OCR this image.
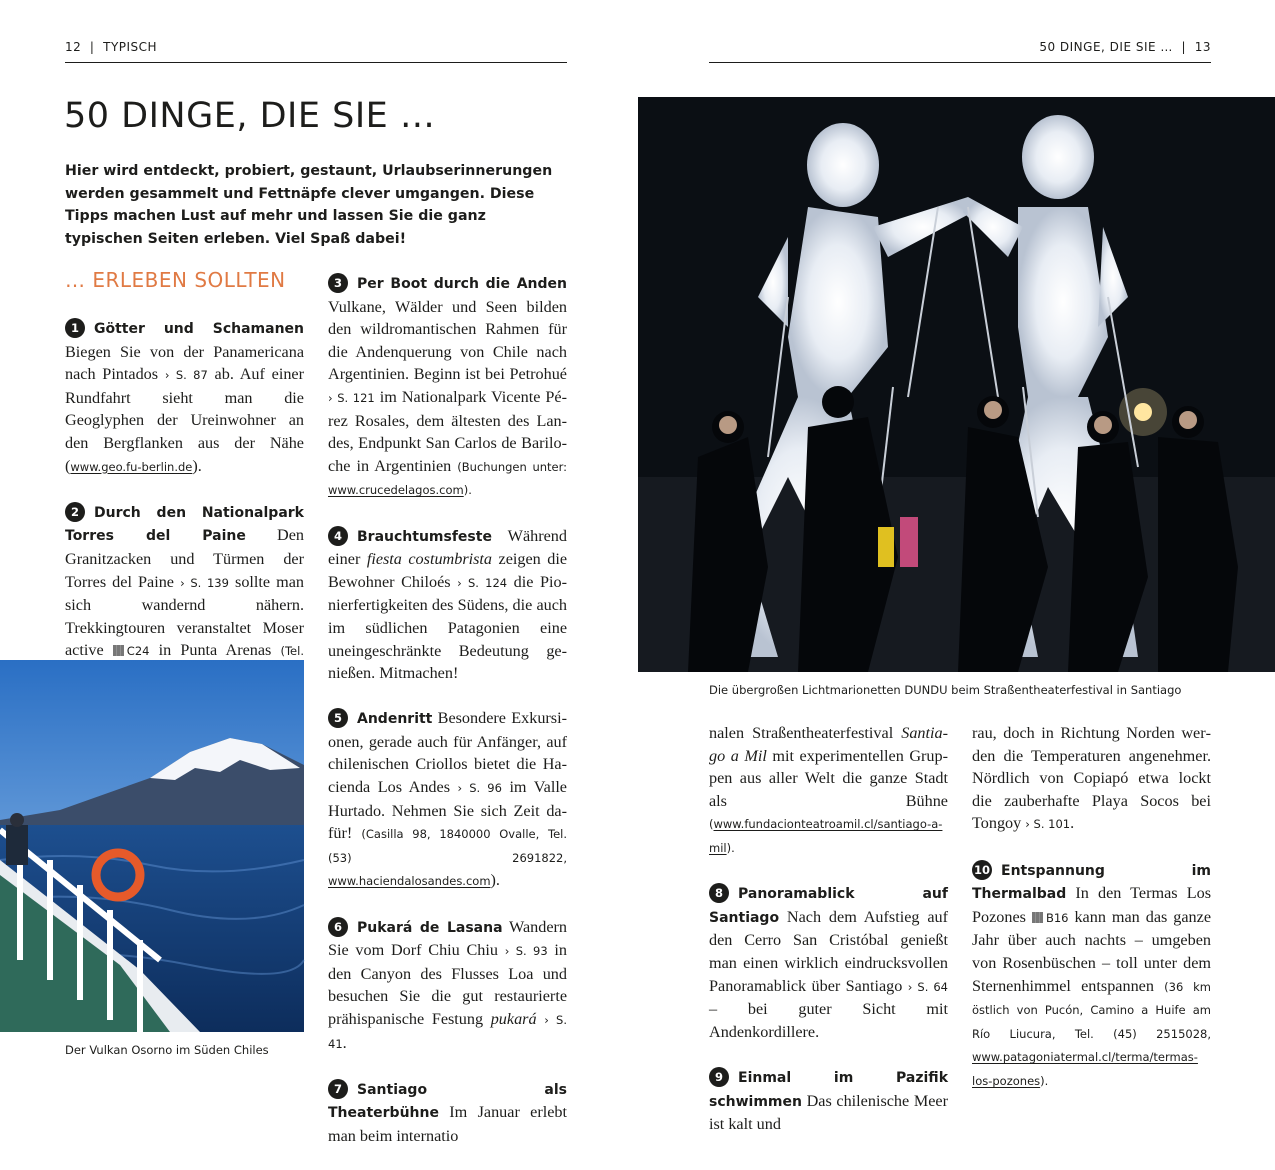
12 | TYPISCH	50 DINGE, DIE SIE … | 13
50 DINGE, DIE SIE …

Hier wird entdeckt, probiert, gestaunt, Urlaubserinnerungen werden gesammelt und Fettnäpfe clever umgangen. Diese Tipps machen Lust auf mehr und lassen Sie die ganz typischen Seiten erleben. Viel Spaß dabei!

… ERLEBEN SOLLTEN

1 Götter und Schamanen Biegen Sie von der Panamericana nach Pintados › S. 87 ab. Auf einer Rundfahrt sieht man die Geoglyphen der Ureinwohner an den Bergflanken aus der Nähe (www.geo.fu-berlin.de).

2 Durch den Nationalpark Torres del Paine Den Granitzacken und Türmen der Torres del Paine › S. 139 sollte man sich wandernd nähern. Trekkingtouren veranstaltet Moser active C24 in Punta Arenas (Tel.

3 Per Boot durch die Anden Vulkane, Wälder und Seen bilden den wildromantischen Rahmen für die Andenquerung von Chile nach Argentinien. Beginn ist bei Petrohué › S. 121 im Nationalpark Vicente Pérez Rosales, dem ältesten des Landes, Endpunkt San Carlos de Bariloche in Argentinien (Buchungen unter: www.crucedelagos.com).

4 Brauchtumsfeste Während einer fiesta costumbrista zeigen die Bewohner Chiloés › S. 124 die Pionierfertigkeiten des Südens, die auch im südlichen Patagonien eine uneingeschränkte Bedeutung genießen. Mitmachen!

5 Andenritt Besondere Exkursionen, gerade auch für Anfänger, auf chilenischen Criollos bietet die Hacienda Los Andes › S. 96 im Valle Hurtado. Nehmen Sie sich Zeit dafür! (Casilla 98, 1840000 Ovalle, Tel. (53) 2691822, www.haciendalosandes.com).

6 Pukará de Lasana Wandern Sie vom Dorf Chiu Chiu › S. 93 in den Canyon des Flusses Loa und besuchen Sie die gut restaurierte prähispanische Festung pukará › S. 41.

7 Santiago als Theaterbühne Im Januar erlebt man beim internatio

nalen Straßentheaterfestival Santiago a Mil mit experimentellen Gruppen aus aller Welt die ganze Stadt als Bühne (www.fundacionteatroamil.cl/santiago-a-mil).

8 Panoramablick auf Santiago Nach dem Aufstieg auf den Cerro San Cristóbal genießt man einen wirklich eindrucksvollen Panoramablick über Santiago › S. 64 – bei guter Sicht mit Andenkordillere.

9 Einmal im Pazifik schwimmen Das chilenische Meer ist kalt und

rau, doch in Richtung Norden werden die Temperaturen angenehmer. Nördlich von Copiapó etwa lockt die zauberhafte Playa Socos bei Tongoy › S. 101.

10 Entspannung im Thermalbad In den Termas Los Pozones B16 kann man das ganze Jahr über auch nachts – umgeben von Rosenbüschen – toll unter dem Sternenhimmel entspannen (36 km östlich von Pucón, Camino a Huife am Río Liucura, Tel. (45) 2515028, www.patagoniatermal.cl/terma/termas-los-pozones).

Der Vulkan Osorno im Süden Chiles
Die übergroßen Lichtmarionetten DUNDU beim Straßentheaterfestival in Santiago
